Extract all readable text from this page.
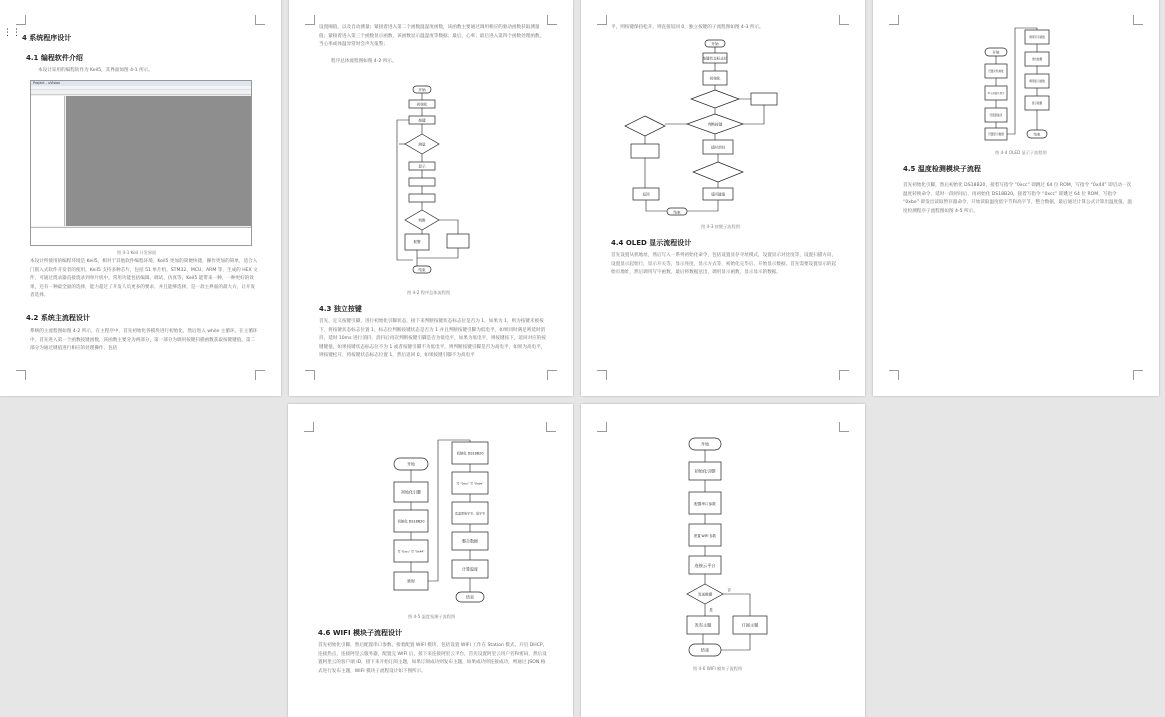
⋮⋮ 4 系统程序设计
4.1 编程软件介绍
本设计采用的编程软件为 Keil5，其界面如图 4-1 所示。
Project - uVision
图 4-1 Keil 开发界面
本设计所使用的编程环境是 Keil5，相对于其他软件编程环境，Keil5 更加的简便快捷，操作更加的简单，适合入门嵌入式软件开发者的使用。Keil5 支持多种芯片，包括 51 单片机、STM32、MCU、ARM 等，生成的 HEX 文件，可通过烧录器直接烧录到单片机中。常用功能包括编辑、调试、仿真等，Keil5 能带来一种、一种更好的效果，还有一种最全面的选择，能力超过了开发人员更多的要求，并且能够选择，是一款主界面的最大方，让开发者选择。
4.2 系统主流程设计
系统的主流程图如图 4-2 所示，在主程序中，首先初始化各模块进行初始化，然后进入 while 主循环，在主循环中，首先进入第一个函数按键函数，该函数主要分为两部分，第一部分为调用按键扫描函数获取按键键值，第二部分为通过键值进行相应的处理操作，包括
设置阈值，以及自动测量；紧接着进入第二个函数温湿度函数，该函数主要通过调用相应的驱动函数获取测量值；紧接着进入第三个函数显示函数，该函数显示温湿度等数据；最后，心率；最后进入第四个函数处理函数，当心率或体温异常时会声光报警；
程序总体流程图如图 4-2 所示。
开始
初始化
按键
测量
显示
判断
报警
结束
图 4-2 程序总体流程图
4.3 独立按键
首先，定义按键引脚，进行初始化引脚状态，接下来判断按键状态标志位是否为 1，如果为 1，则为按键未被按下，将按键状态标志位置 1，标志位判断按键状态是否为 1 并且判断按键引脚为低电平，如果同时满足则延时消抖，延时 10ms 进行消抖，消抖后再次判断按键引脚是否为低电平，如果为低电平，则按键按下，返回对应的按键键值，如果按键状态标志位不为 1 或者按键引脚不为低电平，则判断按键引脚是否为高电平，如果为高电平，则按键松开，将按键状态标志位置 1，然后返回 0，如果按键引脚不为高电平
平，则按键保持松开，则直接返回 0，独立按键的子流程图如图 4-3 所示。
开始
按键状态标志位
初始化
判断按键
延时消抖
返回键值
返回
结束
图 4-3 按键子流程图
4.4 OLED 显示流程设计
首先设置从机地址，然后写入一系列初始化命令，包括设置显存寻址模式，设置显示对比度等，设置扫描方向，设置显示起始行，显示开关等，显示亮度，显示方式等，初始化完毕后，开始显示数据，首先需要设置显示的起始页地址，然后调用写字函数，最后将数据送出，调用显示函数，显示显示的数据。
开始
设置从机地址
写入初始化命令
设置起始页
设置显示数据
调用写字函数
送出数据
调用显示函数
显示数据
结束
图 4-4 OLED 显示子流程图
4.5 温度检测模块子流程
首先初始化引脚，然后初始化 DS18B20，接着写指令 “0xcc” 即跳过 64 位 ROM，写指令 “0x44” 即启动一次温度转换命令，延时一段时间后，再初始化 DS18B20，接着写指令 “0xcc” 即跳过 64 位 ROM，写指令 “0xbe” 即发出读取暂存器命令，开始读取温度低字节和高字节，整合数据，最后通过计算公式计算出温度值，温度检测程序子流程图如图 4-5 所示。
开始
初始化引脚
初始化 DS18B20
写 "0xcc" 写 "0x44"
延时
初始化 DS18B20
写 "0xcc" 写 "0xbe"
读温度低字节、高字节
整合数据
计算温度
结束
图 4-5 温度检测子流程图
4.6 WIFI 模块子流程设计
首先初始化引脚，然后配置串口参数，接着配置 WIFI 模块，包括设置 WIFI 工作在 Station 模式，开启 DHCP，连接热点，连接阿里云服务器，配置完 WIFI 后，接下来连接阿里云平台，首先设置阿里云用户名和密码，然后设置阿里云的客户端 ID，接下来开始订阅主题，如果订阅成功则发布主题，如果成功则连接成功，则通过 JSON 格式进行发布主题，WIFI 模块子流程设计如下图所示。
开始
初始化引脚
配置串口参数
配置 WIFI 参数
连接云平台
发送数据
是
否
发布主题	订阅主题
结束
图 4-6 WIFI 模块子流程图
